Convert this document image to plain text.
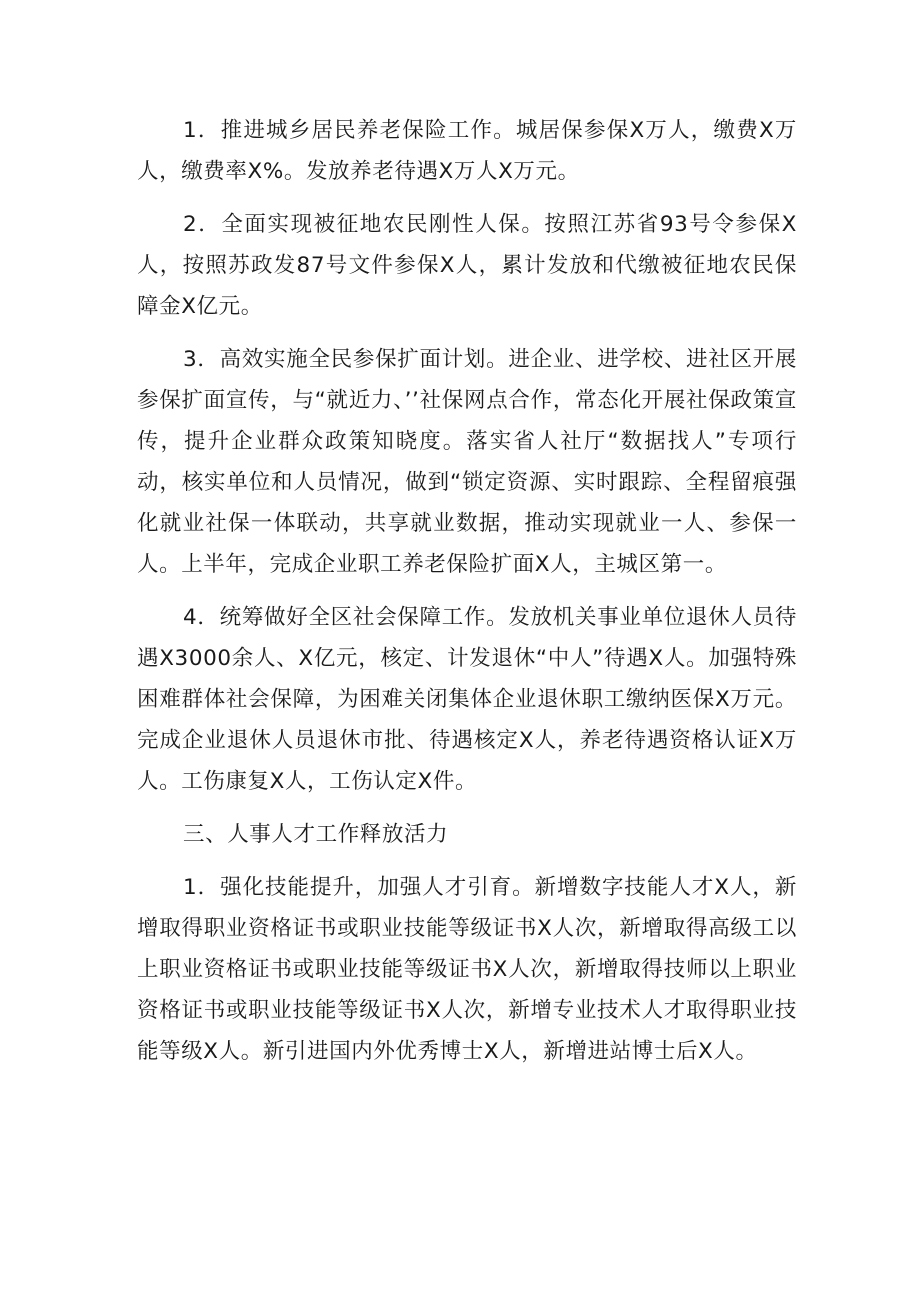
1．推进城乡居民养老保险工作。城居保参保X万人，缴费X万人，缴费率X%。发放养老待遇X万人X万元。

2．全面实现被征地农民刚性人保。按照江苏省93号令参保X人，按照苏政发87号文件参保X人，累计发放和代缴被征地农民保障金X亿元。

3．高效实施全民参保扩面计划。进企业、进学校、进社区开展参保扩面宣传，与“就近力、’’社保网点合作，常态化开展社保政策宣传，提升企业群众政策知晓度。落实省人社厅“数据找人”专项行动，核实单位和人员情况，做到“锁定资源、实时跟踪、全程留痕强化就业社保一体联动，共享就业数据，推动实现就业一人、参保一人。上半年，完成企业职工养老保险扩面X人，主城区第一。

4．统筹做好全区社会保障工作。发放机关事业单位退休人员待遇X3000余人、X亿元，核定、计发退休“中人”待遇X人。加强特殊困难群体社会保障，为困难关闭集体企业退休职工缴纳医保X万元。完成企业退休人员退休市批、待遇核定X人，养老待遇资格认证X万人。工伤康复X人，工伤认定X件。

三、人事人才工作释放活力

1．强化技能提升，加强人才引育。新增数字技能人才X人，新增取得职业资格证书或职业技能等级证书X人次，新增取得高级工以上职业资格证书或职业技能等级证书X人次，新增取得技师以上职业资格证书或职业技能等级证书X人次，新增专业技术人才取得职业技能等级X人。新引进国内外优秀博士X人，新增进站博士后X人。
